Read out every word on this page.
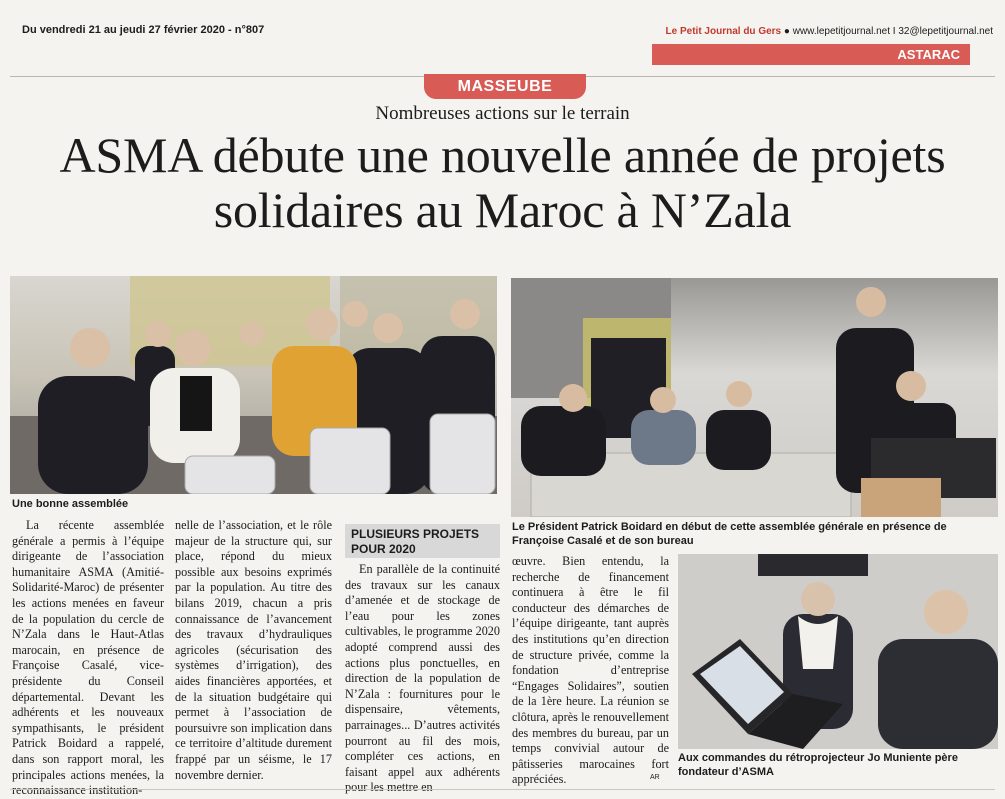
Du vendredi 21 au jeudi 27 février 2020 - n°807	Le Petit Journal du Gers ● www.lepetitjournal.net I 32@lepetitjournal.net
ASTARAC
MASSEUBE
Nombreuses actions sur le terrain
ASMA débute une nouvelle année de projets solidaires au Maroc à N’Zala
Une bonne assemblée
Le Président Patrick Boidard en début de cette assemblée générale en présence de Françoise Casalé et de son bureau
Aux commandes du rétroprojecteur Jo Muniente père fondateur d’ASMA

La récente assemblée générale a permis à l’équipe dirigeante de l’association humanitaire ASMA (Amitié-Solidarité-Maroc) de présenter les actions menées en faveur de la population du cercle de N’Zala dans le Haut-Atlas marocain, en présence de Françoise Casalé, vice-présidente du Conseil départemental. Devant les adhérents et les nouveaux sympathisants, le président Patrick Boidard a rappelé, dans son rapport moral, les principales actions menées, la reconnaissance institution-

nelle de l’association, et le rôle majeur de la structure qui, sur place, répond du mieux possible aux besoins exprimés par la population. Au titre des bilans 2019, chacun a pris connaissance de l’avancement des travaux d’hydrauliques agricoles (sécurisation des systèmes d’irrigation), des aides financières apportées, et de la situation budgétaire qui permet à l’association de poursuivre son implication dans ce territoire d’altitude durement frappé par un séisme, le 17 novembre dernier.

PLUSIEURS PROJETS POUR 2020

En parallèle de la continuité des travaux sur les canaux d’amenée et de stockage de l’eau pour les zones cultivables, le programme 2020 adopté comprend aussi des actions plus ponctuelles, en direction de la population de N’Zala : fournitures pour le dispensaire, vêtements, parrainages... D’autres activités pourront au fil des mois, compléter ces actions, en faisant appel aux adhérents pour les mettre en

œuvre. Bien entendu, la recherche de financement continuera à être le fil conducteur des démarches de l’équipe dirigeante, tant auprès des institutions qu’en direction de structure privée, comme la fondation d’entreprise “Engages Solidaires”, soutien de la 1ère heure. La réunion se clôtura, après le renouvellement des membres du bureau, par un temps convivial autour de pâtisseries marocaines fort appréciées.	AR
